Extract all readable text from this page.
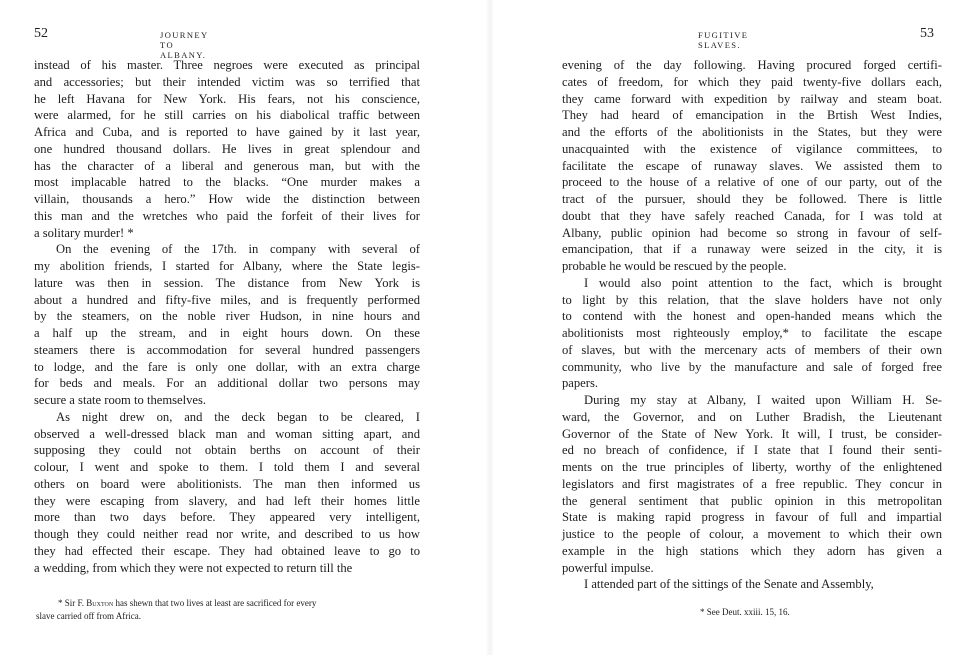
52	JOURNEY TO ALBANY.
instead of his master. Three negroes were executed as principal
and accessories; but their intended victim was so terrified that
he left Havana for New York. His fears, not his conscience,
were alarmed, for he still carries on his diabolical traffic between
Africa and Cuba, and is reported to have gained by it last year,
one hundred thousand dollars. He lives in great splendour and
has the character of a liberal and generous man, but with the
most implacable hatred to the blacks. “One murder makes a
villain, thousands a hero.” How wide the distinction between
this man and the wretches who paid the forfeit of their lives for
a solitary murder! *
On the evening of the 17th. in company with several of
my abolition friends, I started for Albany, where the State legis-
lature was then in session. The distance from New York is
about a hundred and fifty-five miles, and is frequently performed
by the steamers, on the noble river Hudson, in nine hours and
a half up the stream, and in eight hours down. On these
steamers there is accommodation for several hundred passengers
to lodge, and the fare is only one dollar, with an extra charge
for beds and meals. For an additional dollar two persons may
secure a state room to themselves.
As night drew on, and the deck began to be cleared, I
observed a well-dressed black man and woman sitting apart, and
supposing they could not obtain berths on account of their
colour, I went and spoke to them. I told them I and several
others on board were abolitionists. The man then informed us
they were escaping from slavery, and had left their homes little
more than two days before. They appeared very intelligent,
though they could neither read nor write, and described to us how
they had effected their escape. They had obtained leave to go to
a wedding, from which they were not expected to return till the
* Sir F. Buxton has shewn that two lives at least are sacrificed for every
slave carried off from Africa.
FUGITIVE SLAVES.
53
evening of the day following. Having procured forged certifi-
cates of freedom, for which they paid twenty-five dollars each,
they came forward with expedition by railway and steam boat.
They had heard of emancipation in the Brtish West Indies,
and the efforts of the abolitionists in the States, but they were
unacquainted with the existence of vigilance committees, to
facilitate the escape of runaway slaves. We assisted them to
proceed to the house of a relative of one of our party, out of the
tract of the pursuer, should they be followed. There is little
doubt that they have safely reached Canada, for I was told at
Albany, public opinion had become so strong in favour of self-
emancipation, that if a runaway were seized in the city, it is
probable he would be rescued by the people.
I would also point attention to the fact, which is brought
to light by this relation, that the slave holders have not only
to contend with the honest and open-handed means which the
abolitionists most righteously employ,* to facilitate the escape
of slaves, but with the mercenary acts of members of their own
community, who live by the manufacture and sale of forged free
papers.
During my stay at Albany, I waited upon William H. Se-
ward, the Governor, and on Luther Bradish, the Lieutenant
Governor of the State of New York. It will, I trust, be consider-
ed no breach of confidence, if I state that I found their senti-
ments on the true principles of liberty, worthy of the enlightened
legislators and first magistrates of a free republic. They concur in
the general sentiment that public opinion in this metropolitan
State is making rapid progress in favour of full and impartial
justice to the people of colour, a movement to which their own
example in the high stations which they adorn has given a
powerful impulse.
I attended part of the sittings of the Senate and Assembly,
* See Deut. xxiii. 15, 16.
